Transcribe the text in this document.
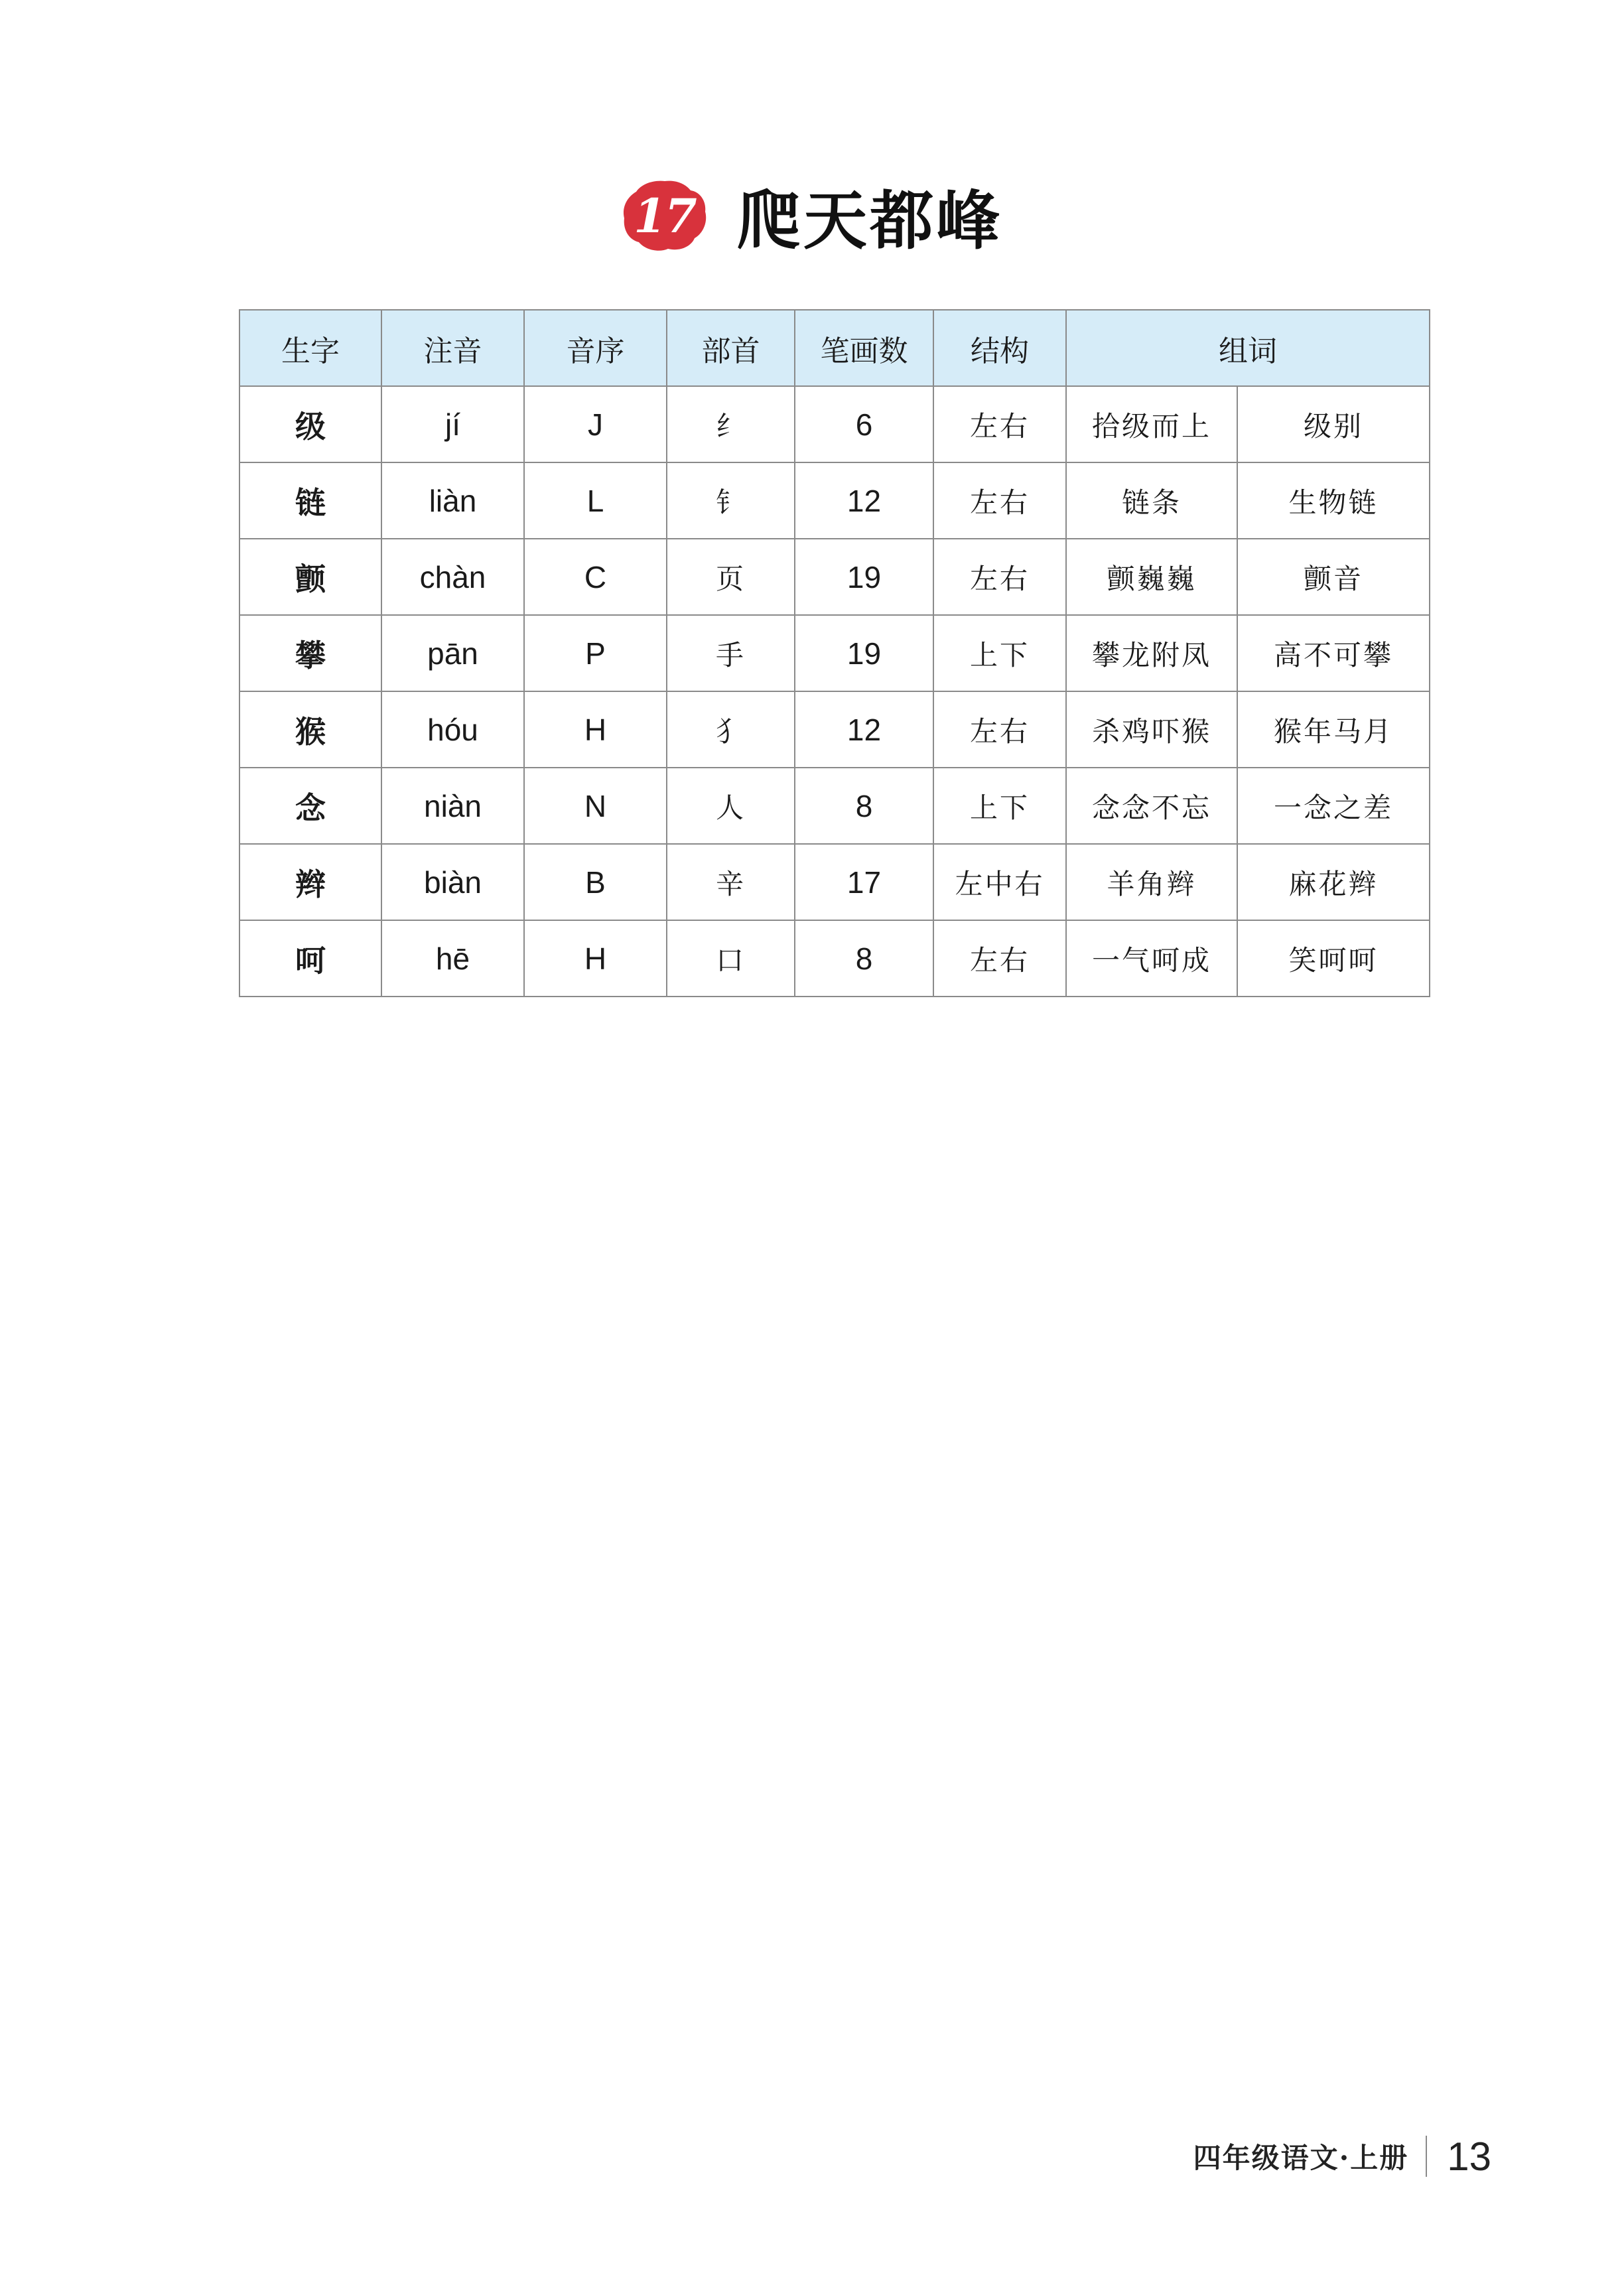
17 爬天都峰
生字	注音	音序	部首	笔画数	结构	组词	
级	jí	J	纟	6	左右	拾级而上	级别
链	liàn	L	钅	12	左右	链条	生物链
颤	chàn	C	页	19	左右	颤巍巍	颤音
攀	pān	P	手	19	上下	攀龙附凤	高不可攀
猴	hóu	H	犭	12	左右	杀鸡吓猴	猴年马月
念	niàn	N	人	8	上下	念念不忘	一念之差
辫	biàn	B	辛	17	左中右	羊角辫	麻花辫
呵	hē	H	口	8	左右	一气呵成	笑呵呵
四年级语文·上册 13
